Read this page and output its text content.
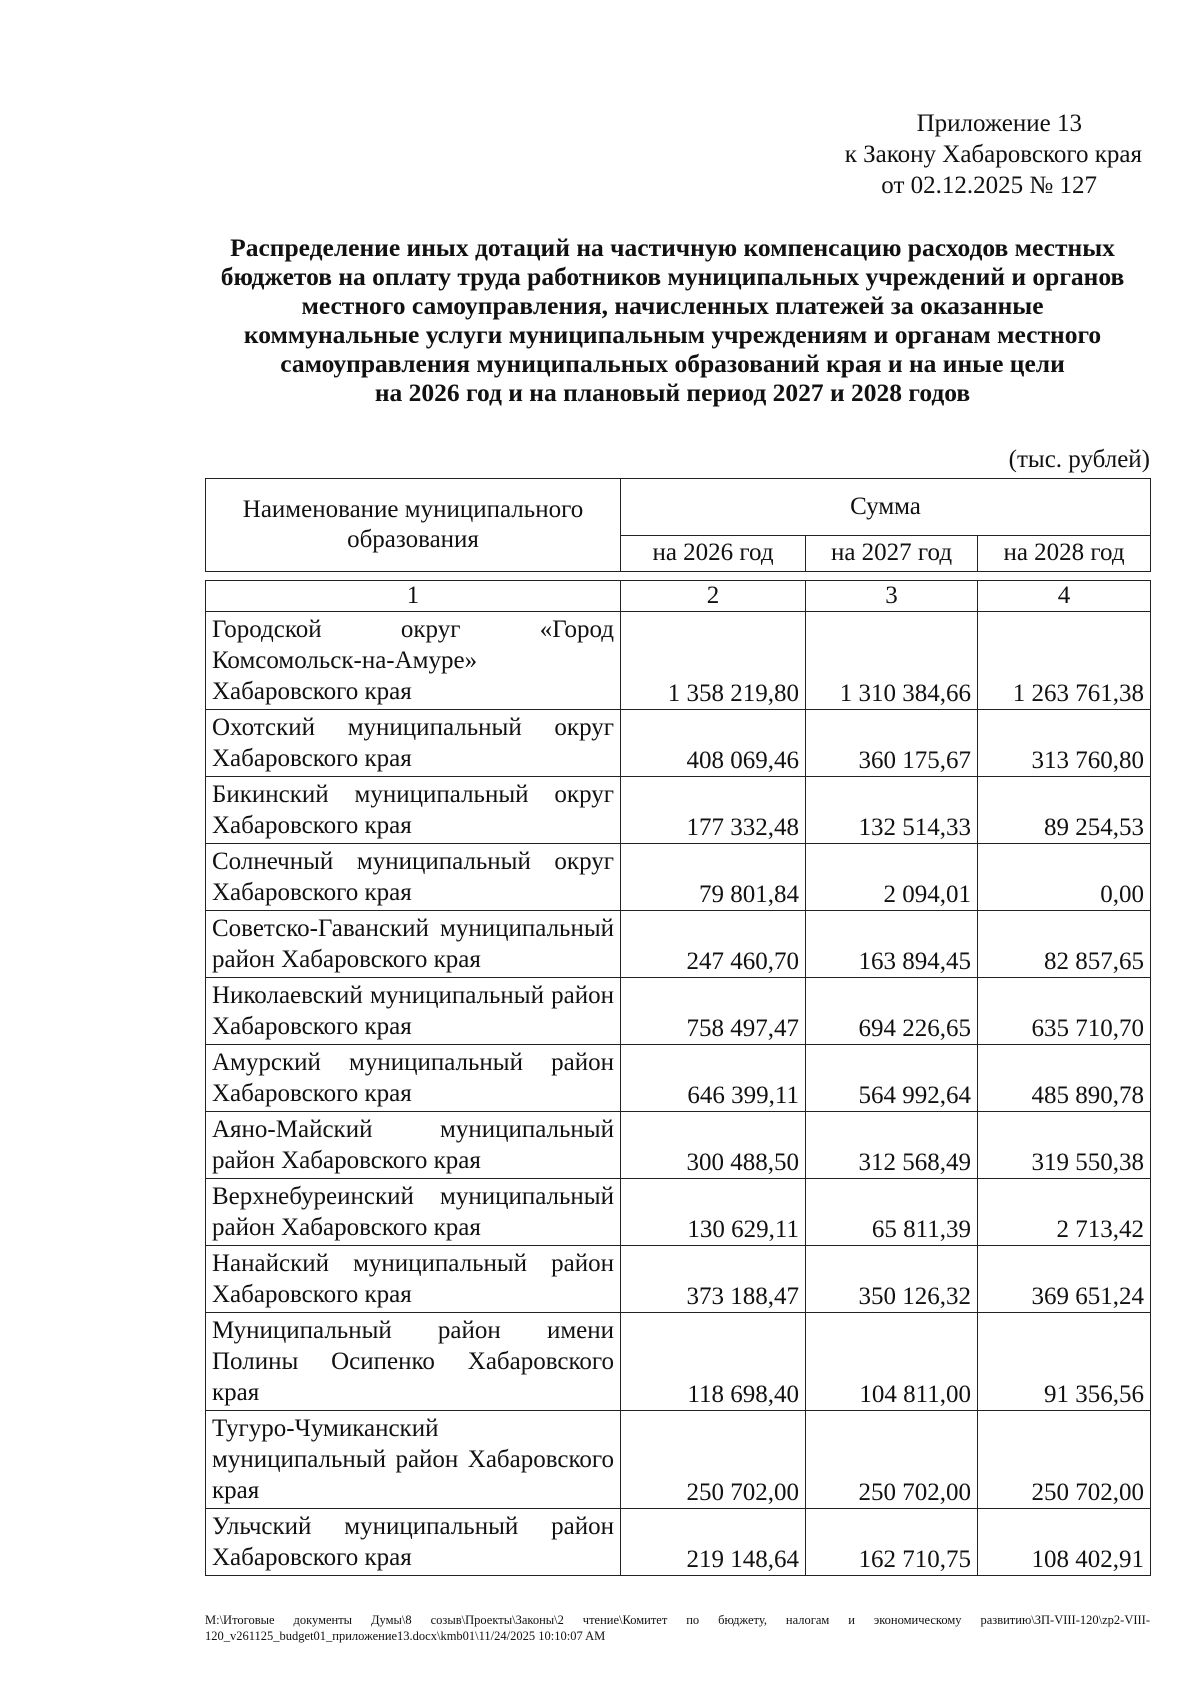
Приложение 13
к Закону Хабаровского края
от 02.12.2025 № 127
Распределение иных дотаций на частичную компенсацию расходов местных
бюджетов на оплату труда работников муниципальных учреждений и органов
местного самоуправления, начисленных платежей за оказанные
коммунальные услуги муниципальным учреждениям и органам местного
самоуправления муниципальных образований края и на иные цели
на 2026 год и на плановый период 2027 и 2028 годов
(тыс. рублей)
Наименование муниципального образования	Сумма		
	на 2026 год	на 2027 год	на 2028 год
1	2	3	4
Городской округ «Город Комсомольск-на-Амуре» Хабаровского края	1 358 219,80	1 310 384,66	1 263 761,38
Охотский муниципальный округ Хабаровского края	408 069,46	360 175,67	313 760,80
Бикинский муниципальный округ Хабаровского края	177 332,48	132 514,33	89 254,53
Солнечный муниципальный округ Хабаровского края	79 801,84	2 094,01	0,00
Советско-Гаванский муниципальный район Хабаровского края	247 460,70	163 894,45	82 857,65
Николаевский муниципальный район Хабаровского края	758 497,47	694 226,65	635 710,70
Амурский муниципальный район Хабаровского края	646 399,11	564 992,64	485 890,78
Аяно-Майский муниципальный район Хабаровского края	300 488,50	312 568,49	319 550,38
Верхнебуреинский муниципальный район Хабаровского края	130 629,11	65 811,39	2 713,42
Нанайский муниципальный район Хабаровского края	373 188,47	350 126,32	369 651,24
Муниципальный район имени Полины Осипенко Хабаровского края	118 698,40	104 811,00	91 356,56
Тугуро-Чумиканский муниципальный район Хабаровского края	250 702,00	250 702,00	250 702,00
Ульчский муниципальный район Хабаровского края	219 148,64	162 710,75	108 402,91
M:\Итоговые документы Думы\8 созыв\Проекты\Законы\2 чтение\Комитет по бюджету, налогам и экономическому развитию\ЗП-VIII-120\zp2-VIII-120_v261125_budget01_приложение13.docx\kmb01\11/24/2025 10:10:07 AM
